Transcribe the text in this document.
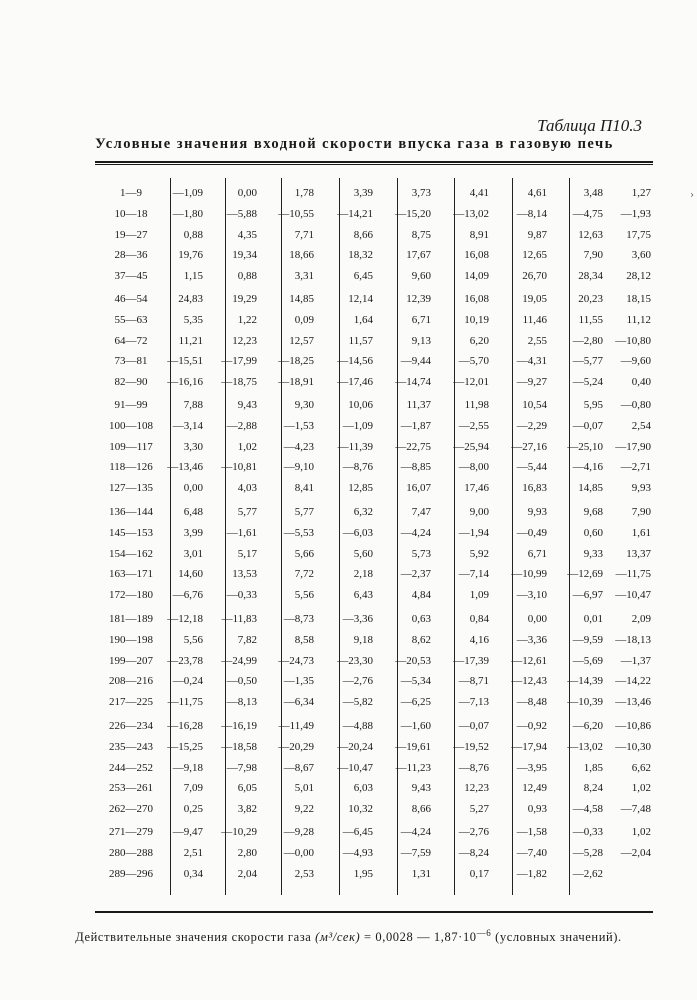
Таблица П10.3
Условные значения входной скорости впуска газа в газовую печь
1—9	—1,09	0,00	1,78	3,39	3,73	4,41	4,61	3,48	1,27
10—18	—1,80 —5,88 —10,55 —14,21 —15,20 —13,02	—8,14 —4,75 —1,93
19—27	0,88	4,35	7,71	8,66	8,75	8,91	9,87	12,63 17,75
28—36	19,76	19,34	18,66	18,32	17,67	16,08	12,65	7,90	3,60
37—45	1,15	0,88	3,31	6,45	9,60	14,09	26,70	28,34 28,12
46—54	24,83	19,29	14,85	12,14	12,39	16,08	19,05	20,23 18,15
55—63	5,35	1,22	0,09	1,64	6,71	10,19	11,46	11,55 11,12
64—72	11,21	12,23	12,57	11,57	9,13	6,20	2,55 —2,80 —10,80
73—81	—15,51 —17,99 —18,25 —14,56	—9,44	—5,70	—4,31 —5,77 —9,60
82—90	—16,16 —18,75 —18,91 —17,46 —14,74 —12,01	—9,27 —5,24	0,40
91—99	7,88	9,43	9,30	10,06	11,37	11,98	10,54	5,95 —0,80
100—108	—3,14 —2,88 —1,53	—1,09	—1,87	—2,55	—2,29 —0,07	2,54
109—117	3,30	1,02 —4,23 —11,39 —22,75 —25,94 —27,16 —25,10 —17,90
118—126	—13,46 —10,81 —9,10	—8,76	—8,85	—8,00	—5,44 —4,16 —2,71
127—135	0,00	4,03	8,41	12,85	16,07	17,46	16,83	14,85	9,93
136—144	6,48	5,77	5,77	6,32	7,47	9,00	9,93	9,68	7,90
145—153	3,99 —1,61 —5,53	—6,03	—4,24	—1,94	—0,49	0,60	1,61
154—162	3,01	5,17	5,66	5,60	5,73	5,92	6,71	9,33 13,37
163—171	14,60	13,53	7,72	2,18	—2,37	—7,14 —10,99 —12,69 —11,75
172—180	—6,76 —0,33	5,56	6,43	4,84	1,09	—3,10 —6,97 —10,47
181—189	—12,18 —11,83 —8,73	—3,36	0,63	0,84	0,00	0,01	2,09
190—198	5,56	7,82	8,58	9,18	8,62	4,16	—3,36 —9,59 —18,13
199—207	—23,78 —24,99 —24,73 —23,30 —20,53 —17,39 —12,61 —5,69 —1,37
208—216	—0,24 —0,50 —1,35	—2,76	—5,34	—8,71 —12,43 —14,39 —14,22
217—225	—11,75 —8,13 —6,34	—5,82	—6,25	—7,13	—8,48 —10,39 —13,46
226—234	—16,28 —16,19 —11,49	—4,88	—1,60	—0,07	—0,92 —6,20 —10,86
235—243	—15,25 —18,58 —20,29 —20,24 —19,61 —19,52 —17,94 —13,02 —10,30
244—252	—9,18 —7,98 —8,67 —10,47 —11,23	—8,76	—3,95	1,85	6,62
253—261	7,09	6,05	5,01	6,03	9,43	12,23	12,49	8,24	1,02
262—270	0,25	3,82	9,22	10,32	8,66	5,27	0,93 —4,58 —7,48
271—279	—9,47 —10,29 —9,28	—6,45	—4,24	—2,76	—1,58 —0,33	1,02
280—288	2,51	2,80 —0,00	—4,93	—7,59	—8,24	—7,40 —5,28 —2,04
289—296	0,34	2,04	2,53	1,95	1,31	0,17	—1,82 —2,62
Действительные значения скорости газа (м³/сек) = 0,0028 — $1,87\cdot 10^{—6}$ (условных значений).
›
